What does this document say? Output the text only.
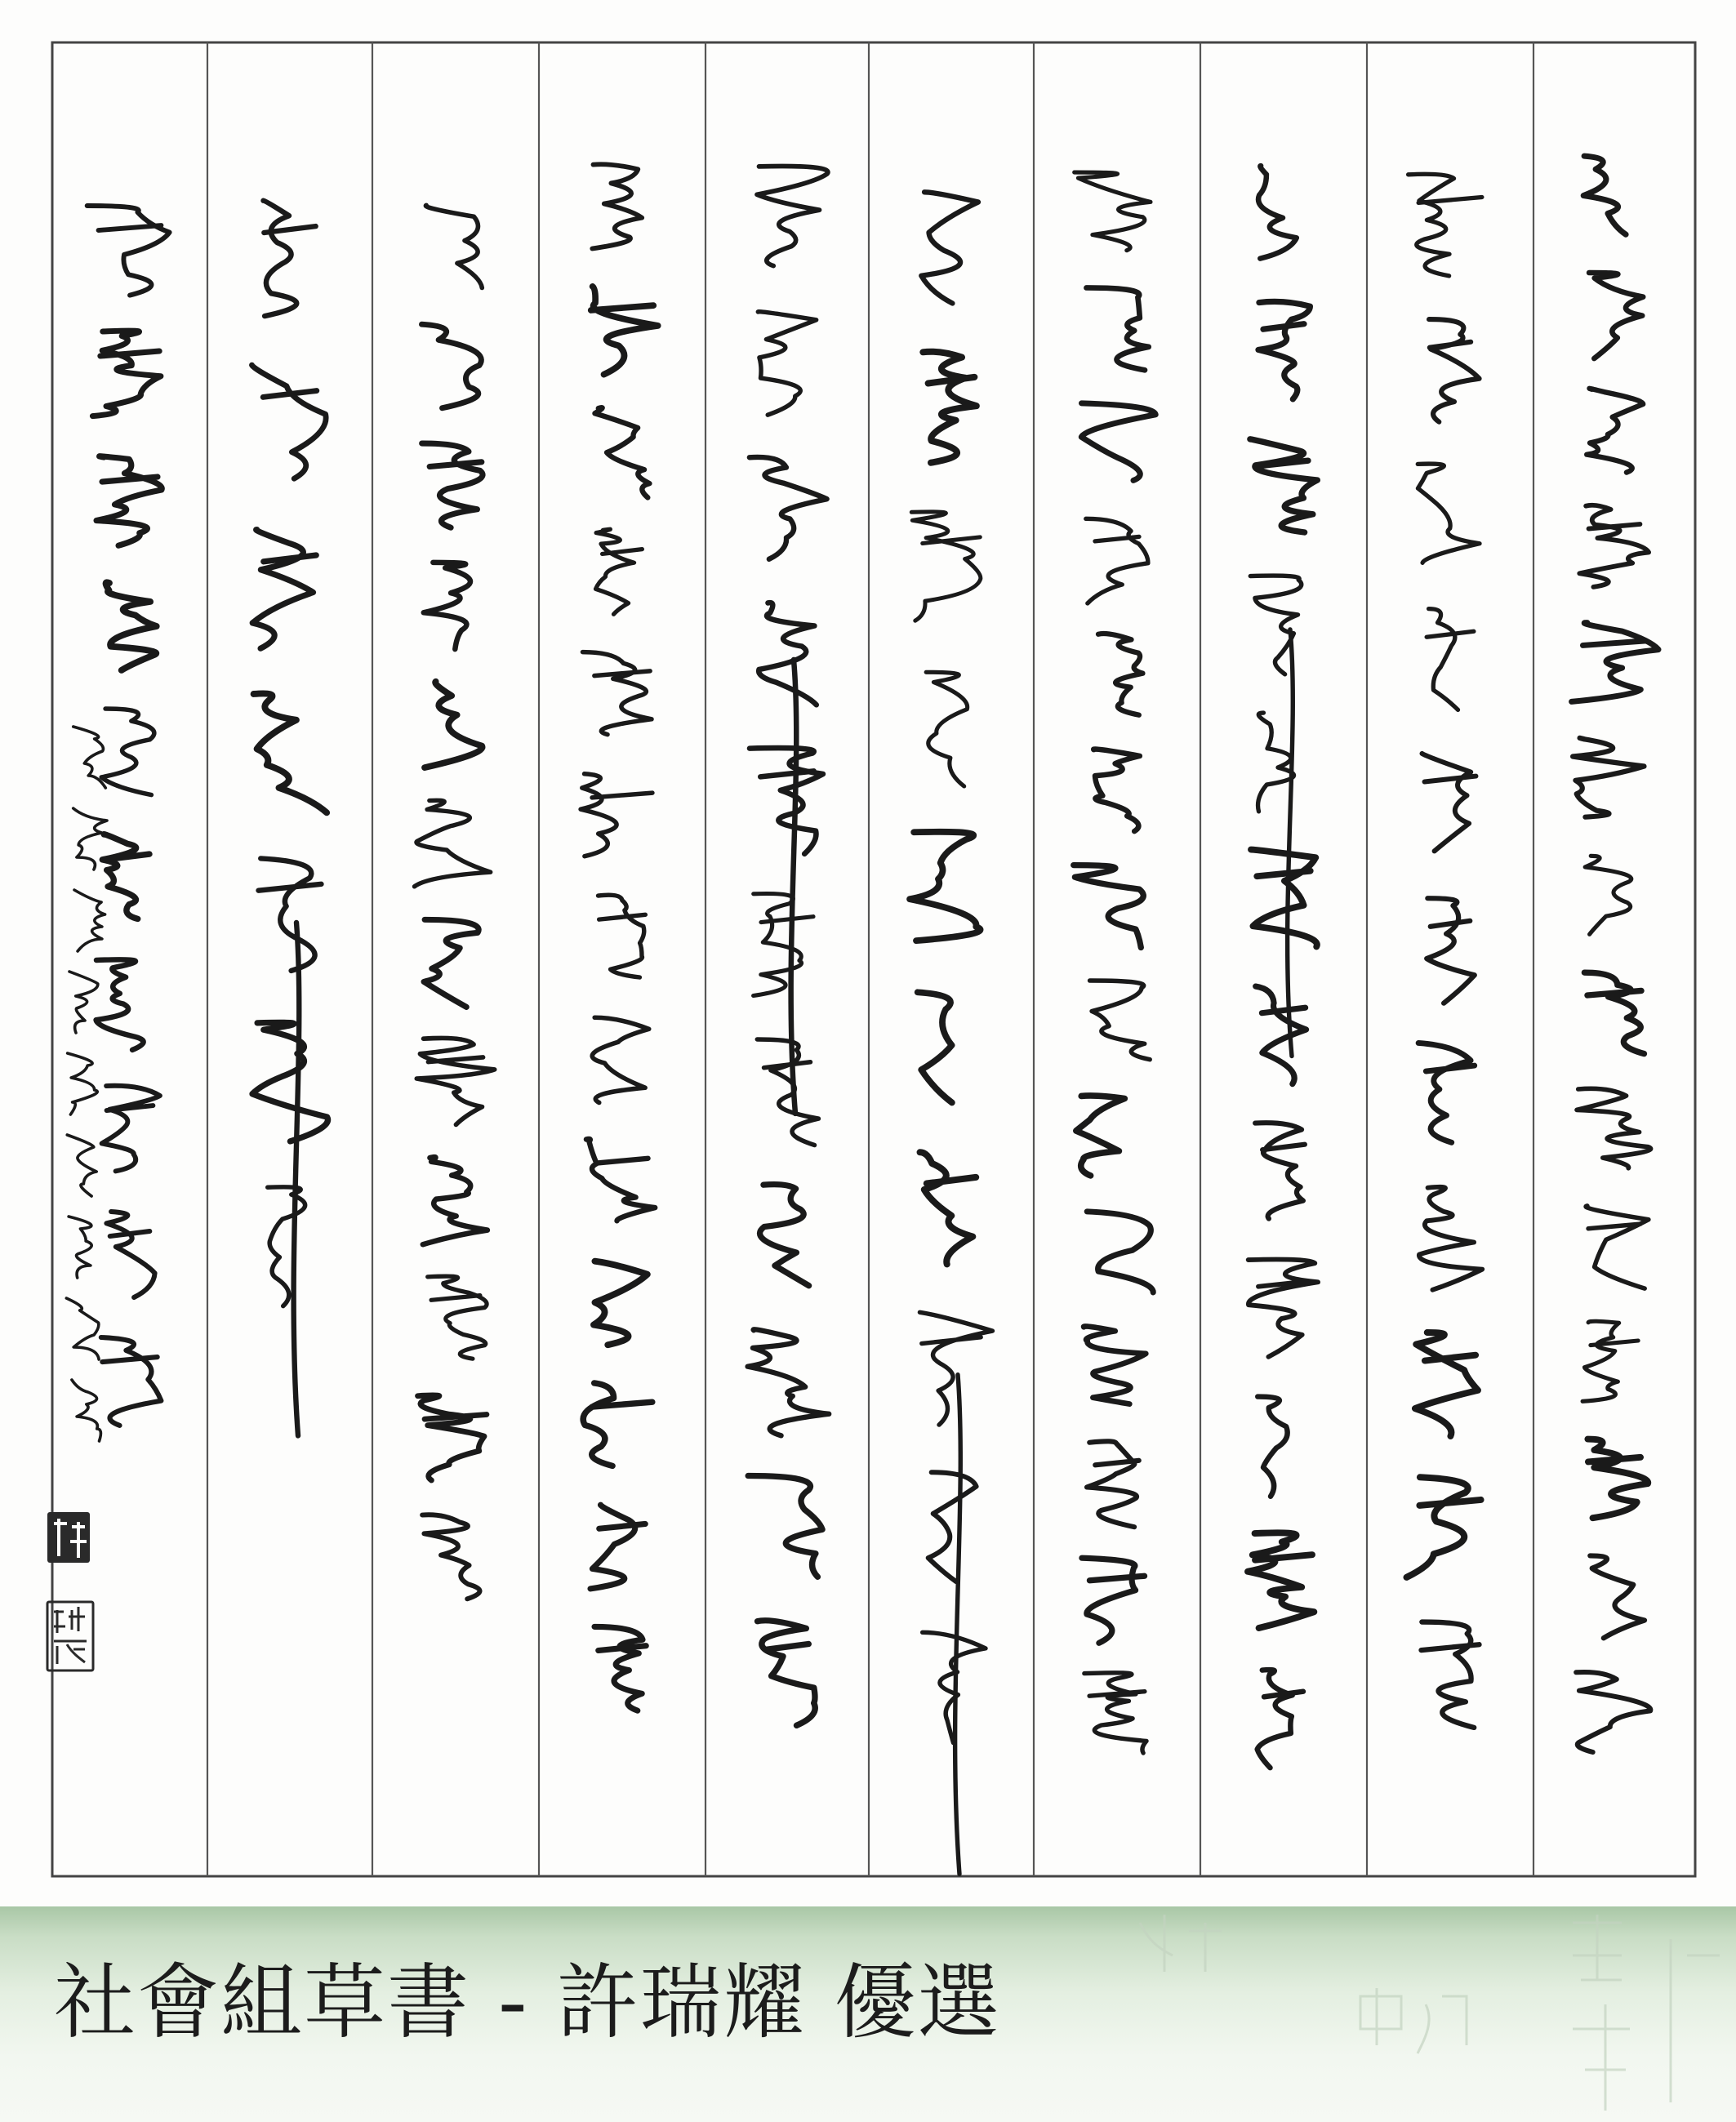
社會組草書 - 許瑞耀 優選
